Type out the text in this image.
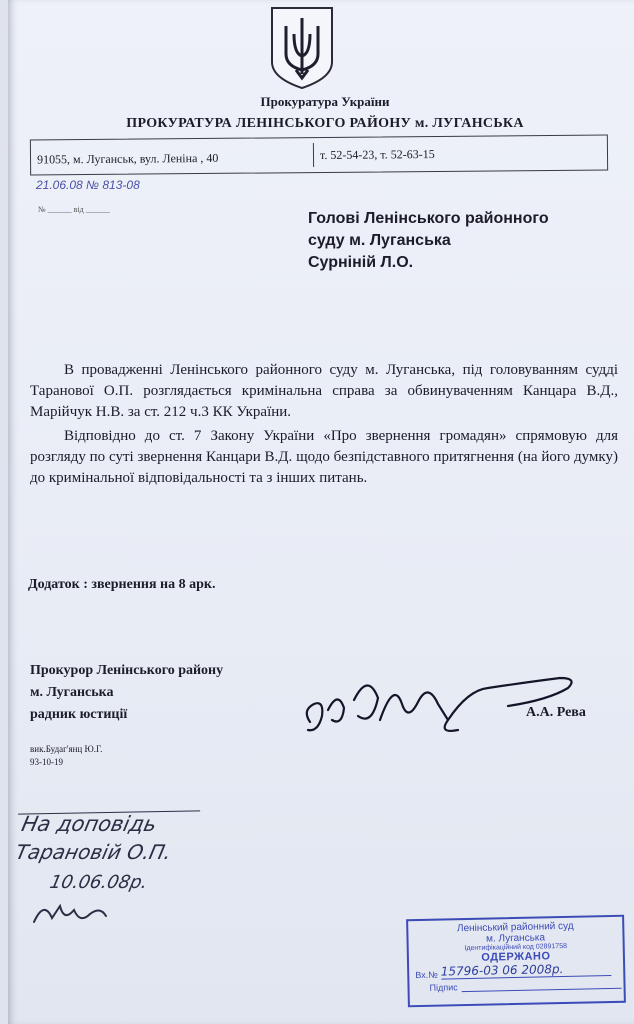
Прокуратура України
ПРОКУРАТУРА ЛЕНІНСЬКОГО РАЙОНУ м. ЛУГАНСЬКА
91055, м. Луганськ, вул. Леніна , 40	т. 52-54-23, т. 52-63-15
21.06.08 № 813-08
№ ______ від ______
Голові Ленінського районного
суду м. Луганська
Сурніній Л.О.
В провадженні Ленінського районного суду м. Луганська, під головуванням судді Таранової О.П. розглядається кримінальна справа за обвинуваченням Канцара В.Д., Марійчук Н.В. за ст. 212 ч.3 КК України.
Відповідно до ст. 7 Закону України «Про звернення громадян» спрямовую для розгляду по суті звернення Канцари В.Д. щодо безпідставного притягнення (на його думку) до кримінальної відповідальності та з інших питань.
Додаток : звернення на 8 арк.
Прокурор Ленінського району
м. Луганська
радник юстиції	А.А. Рева
вик.Будаг'янц Ю.Г.
93-10-19
На доповідь
Тарановій О.П.
10.06.08р.
Ленінський районний суд
м. Луганська
Ідентифікаційний код 02891758
ОДЕРЖАНО
Вх.№ 15796-03 06 2008р.
Підпис
